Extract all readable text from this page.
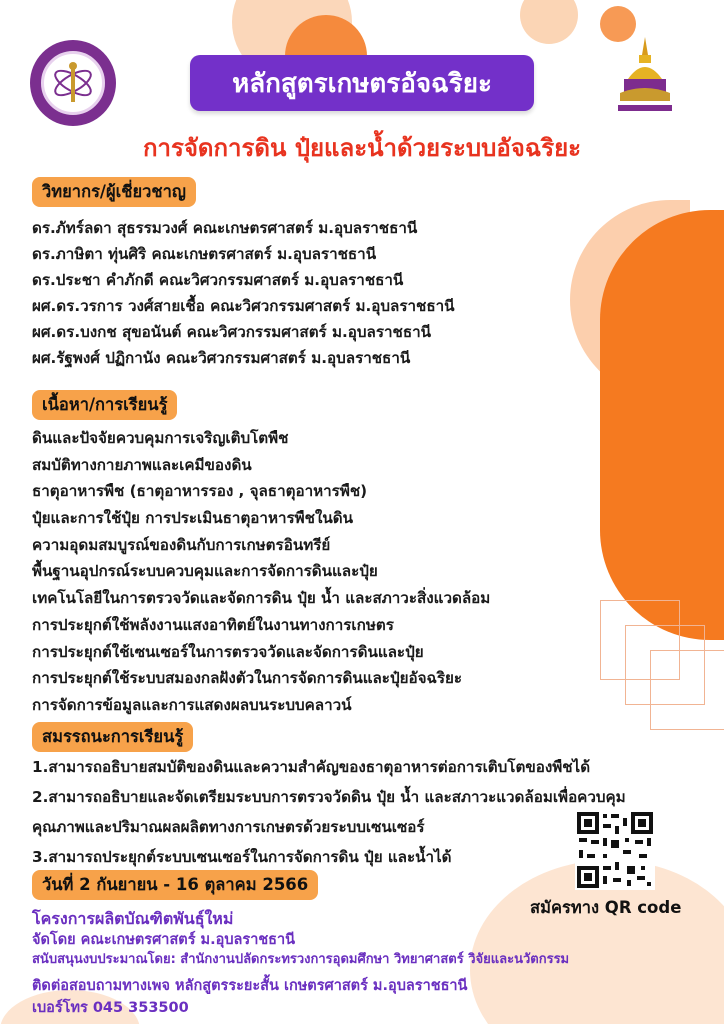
หลักสูตรเกษตรอัจฉริยะ
การจัดการดิน ปุ๋ยและน้ำด้วยระบบอัจฉริยะ
วิทยากร/ผู้เชี่ยวชาญ
ดร.ภัทร์ลดา สุธรรมวงศ์ คณะเกษตรศาสตร์ ม.อุบลราชธานี
ดร.ภาษิตา ทุ่นศิริ คณะเกษตรศาสตร์ ม.อุบลราชธานี
ดร.ประชา คำภักดี คณะวิศวกรรมศาสตร์ ม.อุบลราชธานี
ผศ.ดร.วรการ วงศ์สายเชื้อ คณะวิศวกรรมศาสตร์ ม.อุบลราชธานี
ผศ.ดร.บงกช สุขอนันต์ คณะวิศวกรรมศาสตร์ ม.อุบลราชธานี
ผศ.รัฐพงศ์ ปฏิกานัง คณะวิศวกรรมศาสตร์ ม.อุบลราชธานี
เนื้อหา/การเรียนรู้
ดินและปัจจัยควบคุมการเจริญเติบโตพืช
สมบัติทางกายภาพและเคมีของดิน
ธาตุอาหารพืช (ธาตุอาหารรอง , จุลธาตุอาหารพืช)
ปุ๋ยและการใช้ปุ๋ย การประเมินธาตุอาหารพืชในดิน
ความอุดมสมบูรณ์ของดินกับการเกษตรอินทรีย์
พื้นฐานอุปกรณ์ระบบควบคุมและการจัดการดินและปุ๋ย
เทคโนโลยีในการตรวจวัดและจัดการดิน ปุ๋ย น้ำ และสภาวะสิ่งแวดล้อม
การประยุกต์ใช้พลังงานแสงอาทิตย์ในงานทางการเกษตร
การประยุกต์ใช้เซนเซอร์ในการตรวจวัดและจัดการดินและปุ๋ย
การประยุกต์ใช้ระบบสมองกลฝังตัวในการจัดการดินและปุ๋ยอัจฉริยะ
การจัดการข้อมูลและการแสดงผลบนระบบคลาวน์
สมรรถนะการเรียนรู้
1.สามารถอธิบายสมบัติของดินและความสำคัญของธาตุอาหารต่อการเติบโตของพืชได้
2.สามารถอธิบายและจัดเตรียมระบบการตรวจวัดดิน ปุ๋ย น้ำ และสภาวะแวดล้อมเพื่อควบคุม
คุณภาพและปริมาณผลผลิตทางการเกษตรด้วยระบบเซนเซอร์
3.สามารถประยุกต์ระบบเซนเซอร์ในการจัดการดิน ปุ๋ย และน้ำได้
วันที่ 2 กันยายน - 16 ตุลาคม 2566
สมัครทาง QR code
โครงการผลิตบัณฑิตพันธุ์ใหม่
จัดโดย คณะเกษตรศาสตร์ ม.อุบลราชธานี
สนับสนุนงบประมาณโดย: สำนักงานปลัดกระทรวงการอุดมศึกษา วิทยาศาสตร์ วิจัยและนวัตกรรม
ติดต่อสอบถามทางเพจ หลักสูตรระยะสั้น เกษตรศาสตร์ ม.อุบลราชธานี
เบอร์โทร 045 353500
